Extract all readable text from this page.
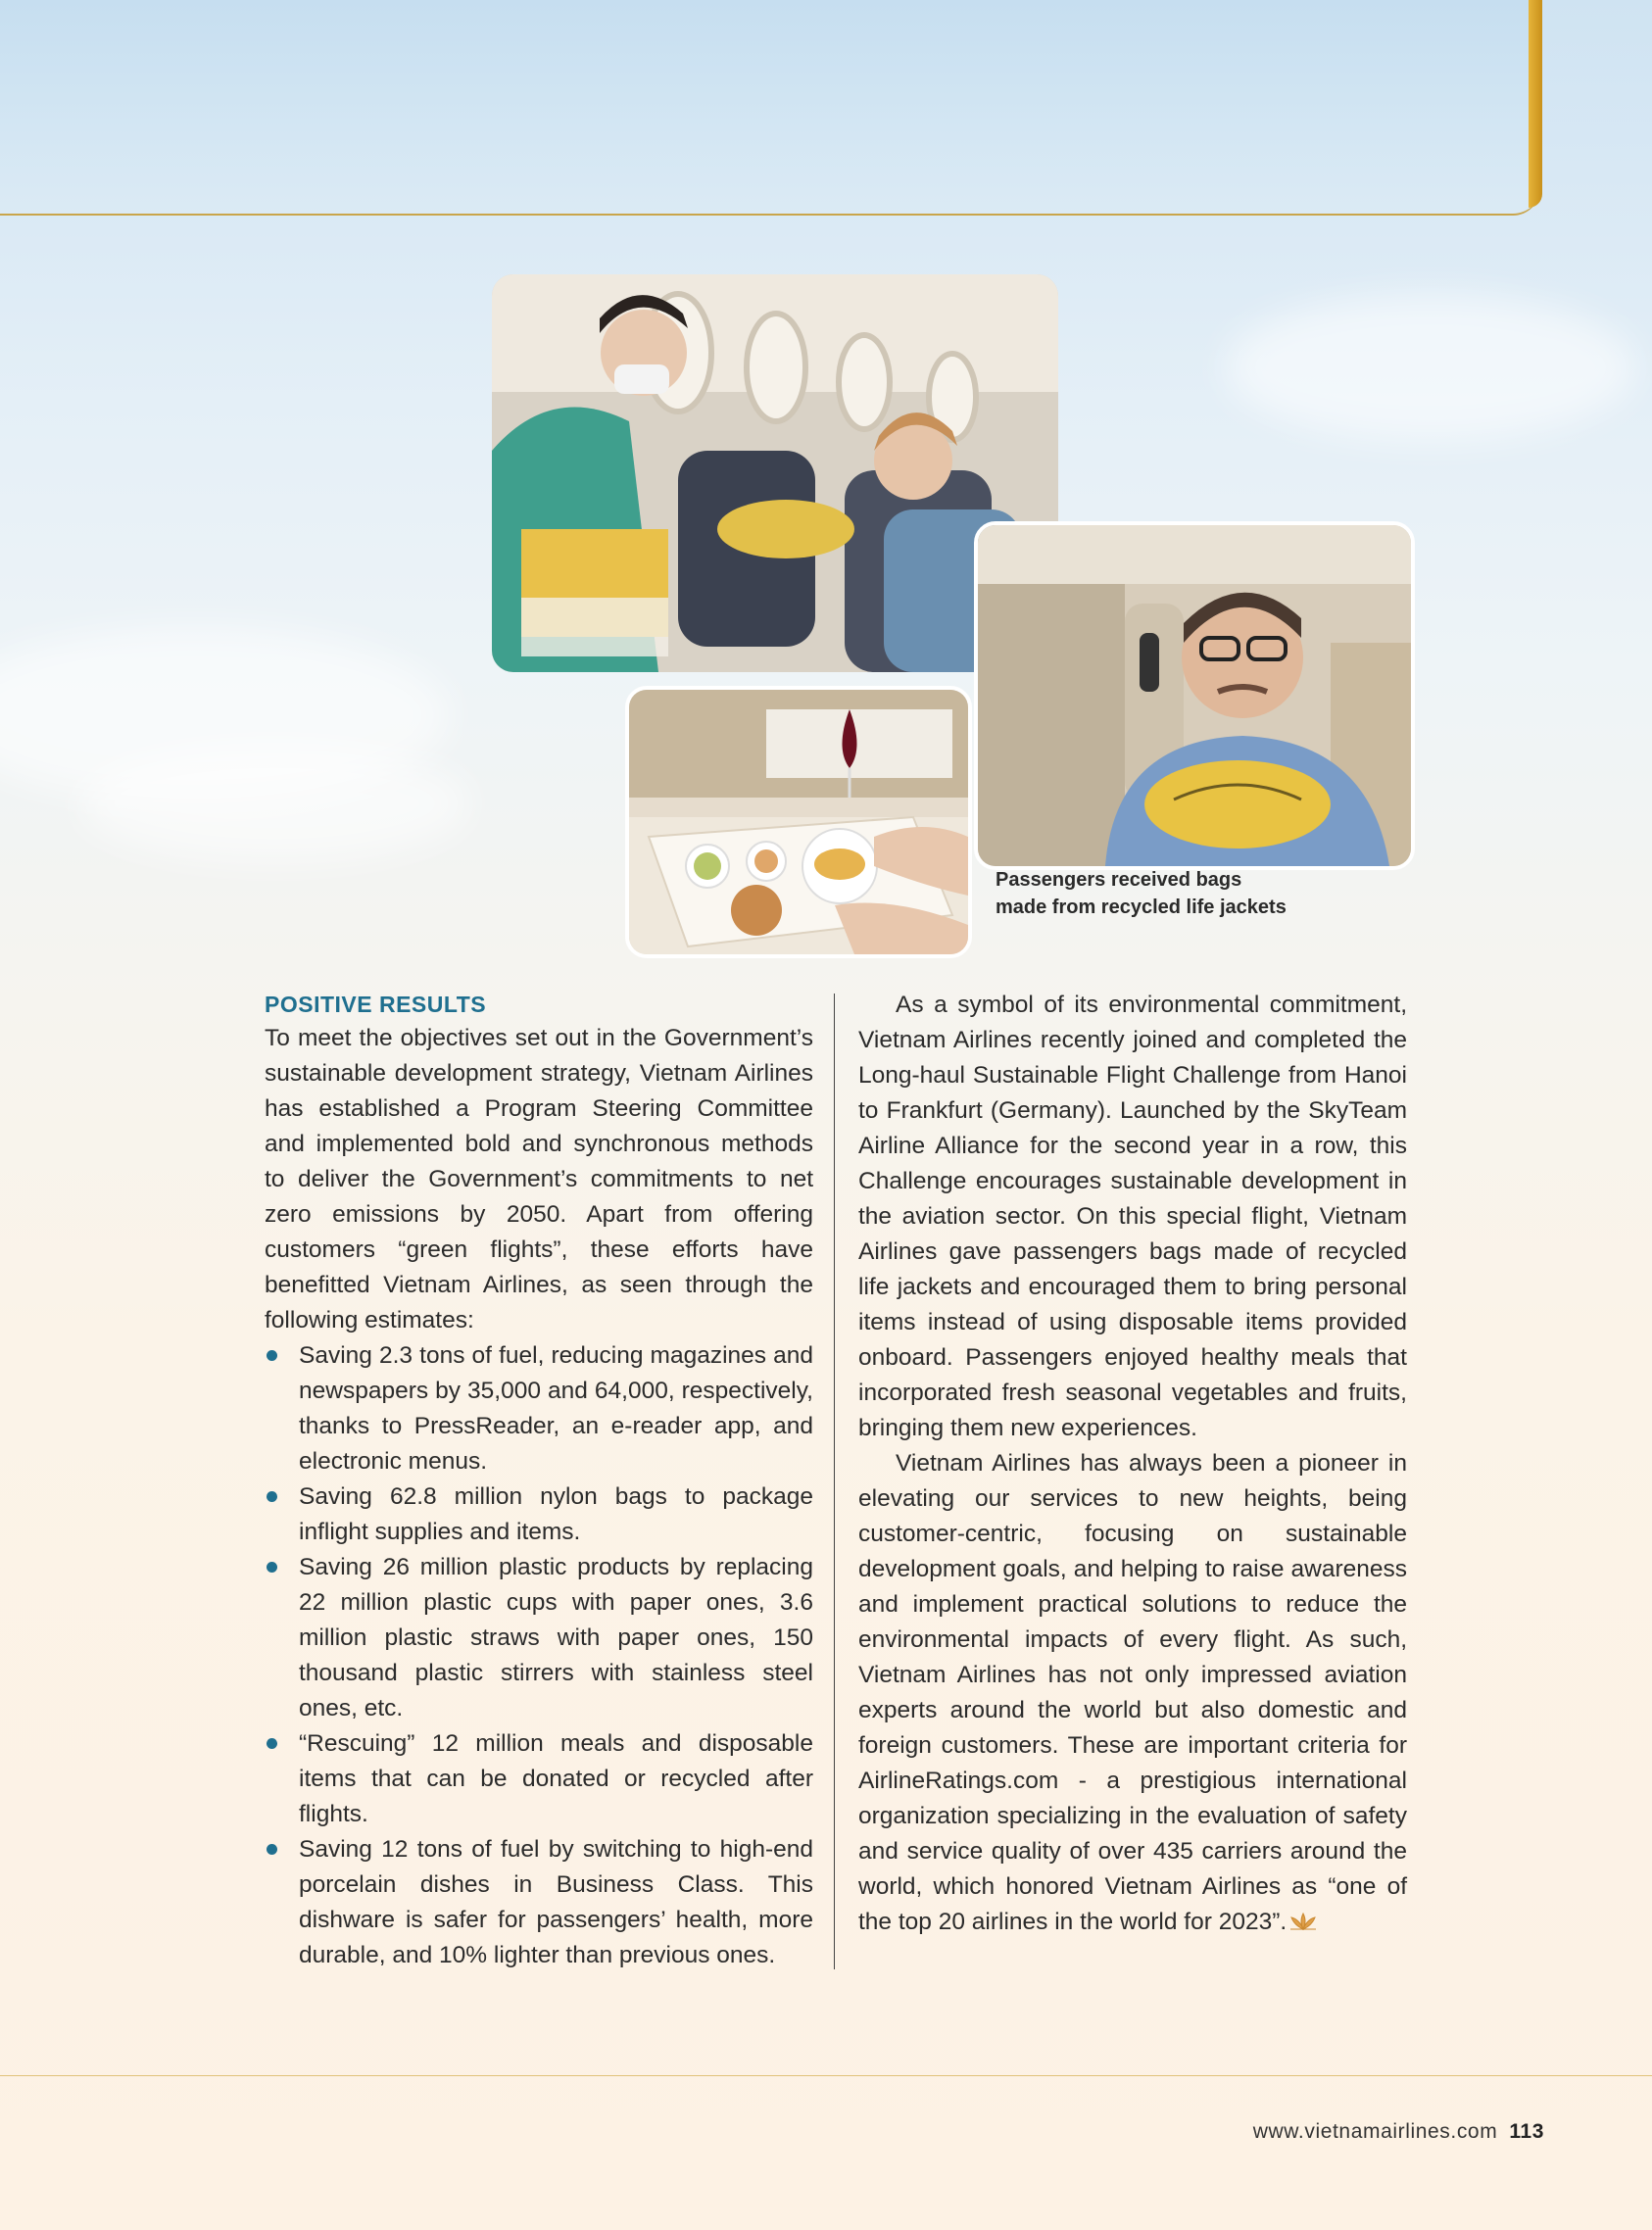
Passengers received bags
made from recycled life jackets
POSITIVE RESULTS

To meet the objectives set out in the Government’s sustainable development strategy, Vietnam Airlines has established a Program Steering Committee and implemented bold and synchronous methods to deliver the Government’s commitments to net zero emissions by 2050. Apart from offering customers “green flights”, these efforts have benefitted Vietnam Airlines, as seen through the following estimates:

Saving 2.3 tons of fuel, reducing magazines and newspapers by 35,000 and 64,000, respectively, thanks to PressReader, an e-reader app, and electronic menus.
Saving 62.8 million nylon bags to package inflight supplies and items.
Saving 26 million plastic products by replacing 22 million plastic cups with paper ones, 3.6 million plastic straws with paper ones, 150 thousand plastic stirrers with stainless steel ones, etc.
“Rescuing” 12 million meals and disposable items that can be donated or recycled after flights.
Saving 12 tons of fuel by switching to high-end porcelain dishes in Business Class. This dishware is safer for passengers’ health, more durable, and 10% lighter than previous ones.

As a symbol of its environmental commitment, Vietnam Airlines recently joined and completed the Long-haul Sustainable Flight Challenge from Hanoi to Frankfurt (Germany). Launched by the SkyTeam Airline Alliance for the second year in a row, this Challenge encourages sustainable development in the aviation sector. On this special flight, Vietnam Airlines gave passengers bags made of recycled life jackets and encouraged them to bring personal items instead of using disposable items provided onboard. Passengers enjoyed healthy meals that incorporated fresh seasonal vegetables and fruits, bringing them new experiences.

Vietnam Airlines has always been a pioneer in elevating our services to new heights, being customer-centric, focusing on sustainable development goals, and helping to raise awareness and implement practical solutions to reduce the environmental impacts of every flight. As such, Vietnam Airlines has not only impressed aviation experts around the world but also domestic and foreign customers. These are important criteria for AirlineRatings.com - a prestigious international organization specializing in the evaluation of safety and service quality of over 435 carriers around the world, which honored Vietnam Airlines as “one of the top 20 airlines in the world for 2023”.

www.vietnamairlines.com 113
